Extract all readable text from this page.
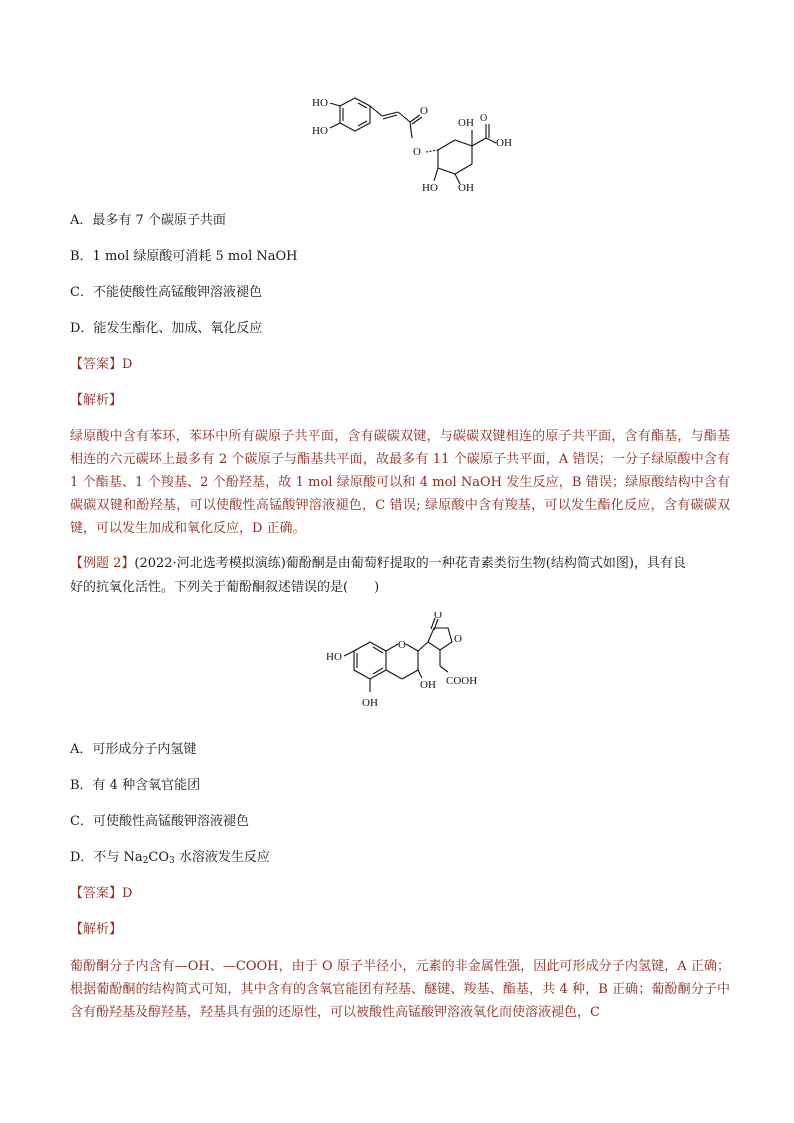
HO
HO
O
O
OH O
OH
HO OH
A．最多有 7 个碳原子共面
B．1 mol 绿原酸可消耗 5 mol NaOH
C．不能使酸性高锰酸钾溶液褪色
D．能发生酯化、加成、氧化反应
【答案】D
【解析】
绿原酸中含有苯环，苯环中所有碳原子共平面，含有碳碳双键，与碳碳双键相连的原子共平面，含有酯基，与酯基相连的六元碳环上最多有 2 个碳原子与酯基共平面，故最多有 11 个碳原子共平面，A 错误；一分子绿原酸中含有 1 个酯基、1 个羧基、2 个酚羟基，故 1 mol 绿原酸可以和 4 mol NaOH 发生反应，B 错误；绿原酸结构中含有碳碳双键和酚羟基，可以使酸性高锰酸钾溶液褪色，C 错误; 绿原酸中含有羧基，可以发生酯化反应，含有碳碳双键，可以发生加成和氧化反应，D 正确。
【例题 2】(2022·河北选考模拟演练)葡酚酮是由葡萄籽提取的一种花青素类衍生物(结构简式如图)，具有良
好的抗氧化活性。下列关于葡酚酮叙述错误的是(　　)
O
O
HO
O
OH COOH
OH
A．可形成分子内氢键
B．有 4 种含氧官能团
C．可使酸性高锰酸钾溶液褪色
D．不与 $Na_2CO_3$ 水溶液发生反应
【答案】D
【解析】
葡酚酮分子内含有—OH、—COOH，由于 O 原子半径小，元素的非金属性强，因此可形成分子内氢键，A 正确；根据葡酚酮的结构简式可知，其中含有的含氧官能团有羟基、醚键、羧基、酯基，共 4 种，B 正确；葡酚酮分子中含有酚羟基及醇羟基，羟基具有强的还原性，可以被酸性高锰酸钾溶液氧化而使溶液褪色，C
